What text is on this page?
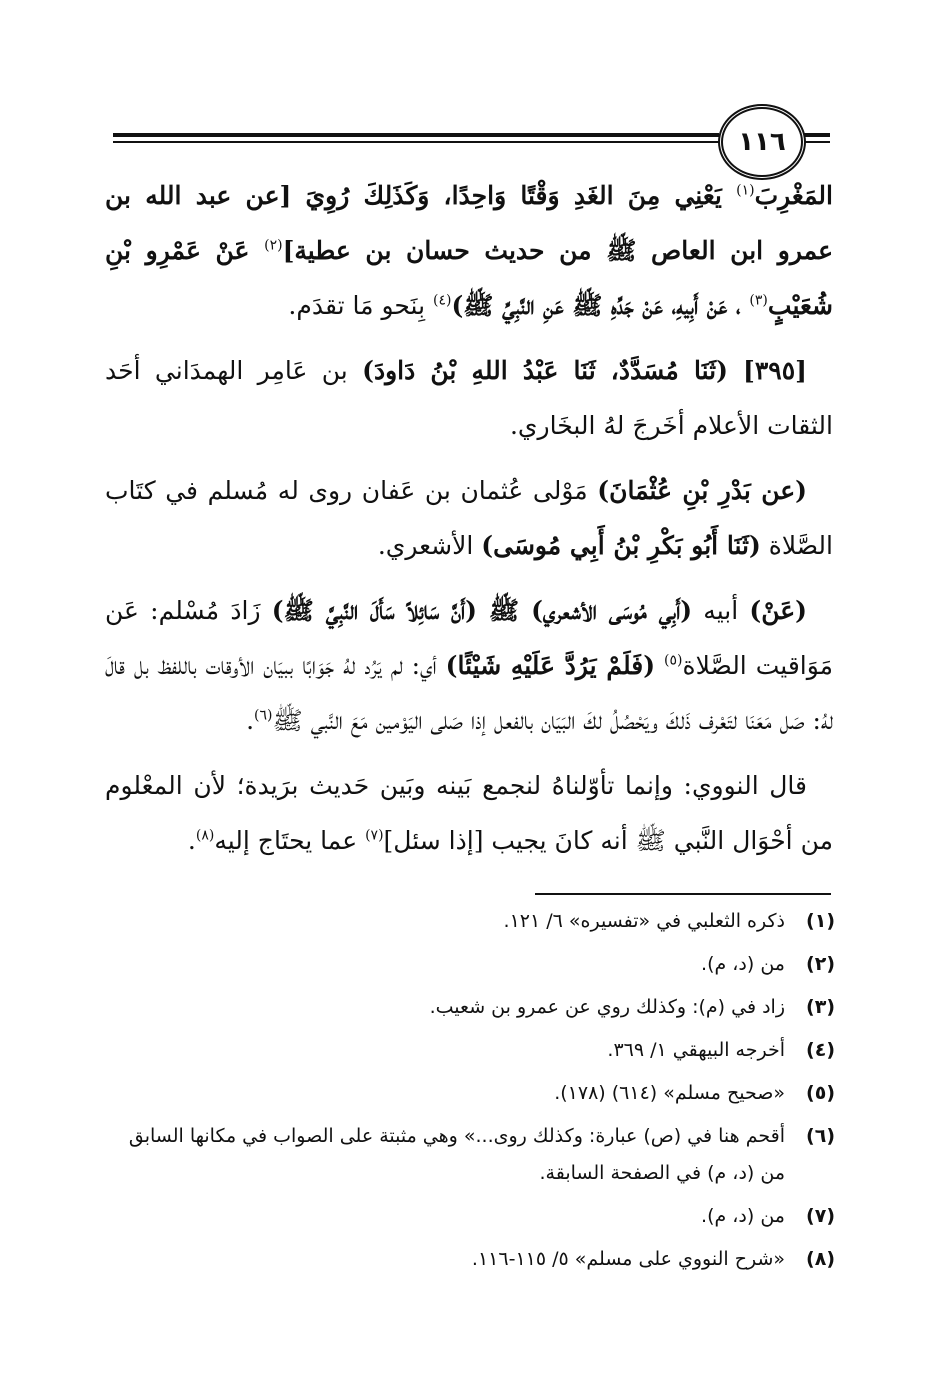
١١٦

المَغْرِبَ$^{(١)}$ يَعْنِي مِنَ الغَدِ وَقْتًا وَاحِدًا، وَكَذَلِكَ رُوِيَ [عن عبد الله بن عمرو ابن العاص ﷺ من حديث حسان بن عطية]$^{(٢)}$ عَنْ عَمْرِو بْنِ شُعَيْبٍ$^{(٣)}$ ، عَنْ أَبِيهِ، عَنْ جَدِّهِ ﷺ عَنِ النَّبِيِّ ﷺ)$^{(٤)}$ بِنَحو مَا تقدَم.

[٣٩٥] (ثَنَا مُسَدَّدٌ، ثَنَا عَبْدُ اللهِ بْنُ دَاودَ) بن عَامِر الهمدَاني أحَد الثقات الأعلام أخَرجَ لهُ البخَاري.

(عن بَدْرِ بْنِ عُثْمَانَ) مَوْلى عُثمان بن عَفان روى له مُسلم في كتَاب الصَّلاة (ثَنَا أَبُو بَكْرِ بْنُ أَبِي مُوسَى) الأشعري.

(عَنْ) أبيه (أَبِي مُوسَى الأشعري) ﷺ (أَنَّ سَائِلاً سَأَلَ النَّبِيَّ ﷺ) زَادَ مُسْلم: عَن مَوَاقيت الصَّلاة$^{(٥)}$ (فَلَمْ يَرُدَّ عَلَيْهِ شَيْئًا) أي: لم يَرُد لهُ جَوَابًا ببيَان الأوقات باللفظ بل قالَ لهُ: صَل مَعَنَا لتَعْرف ذَلكَ ويَحْصُلُ لكَ البَيَان بالفعل إذا صَلى اليَوْمين مَعَ النَّبي ﷺ$^{(٦)}$.

قال النووي: وإنما تأوّلناهُ لنجمع بَينه وبَين حَديث برَيدة؛ لأن المعْلوم من أحْوَال النَّبي ﷺ أنه كانَ يجيب [إذا سئل]$^{(٧)}$ عما يحتَاج إليه$^{(٨)}$.

(١)
ذكره الثعلبي في «تفسيره» ٦/ ١٢١.
(٢)
من (د، م).
(٣)
زاد في (م): وكذلك روي عن عمرو بن شعيب.
(٤)
أخرجه البيهقي ١/ ٣٦٩.
(٥)
«صحيح مسلم» (٦١٤) (١٧٨).
(٦)
أقحم هنا في (ص) عبارة: وكذلك روى...» وهي مثبتة على الصواب في مكانها السابق من (د، م) في الصفحة السابقة.
(٧)
من (د، م).
(٨)
«شرح النووي على مسلم» ٥/ ١١٥-١١٦.
